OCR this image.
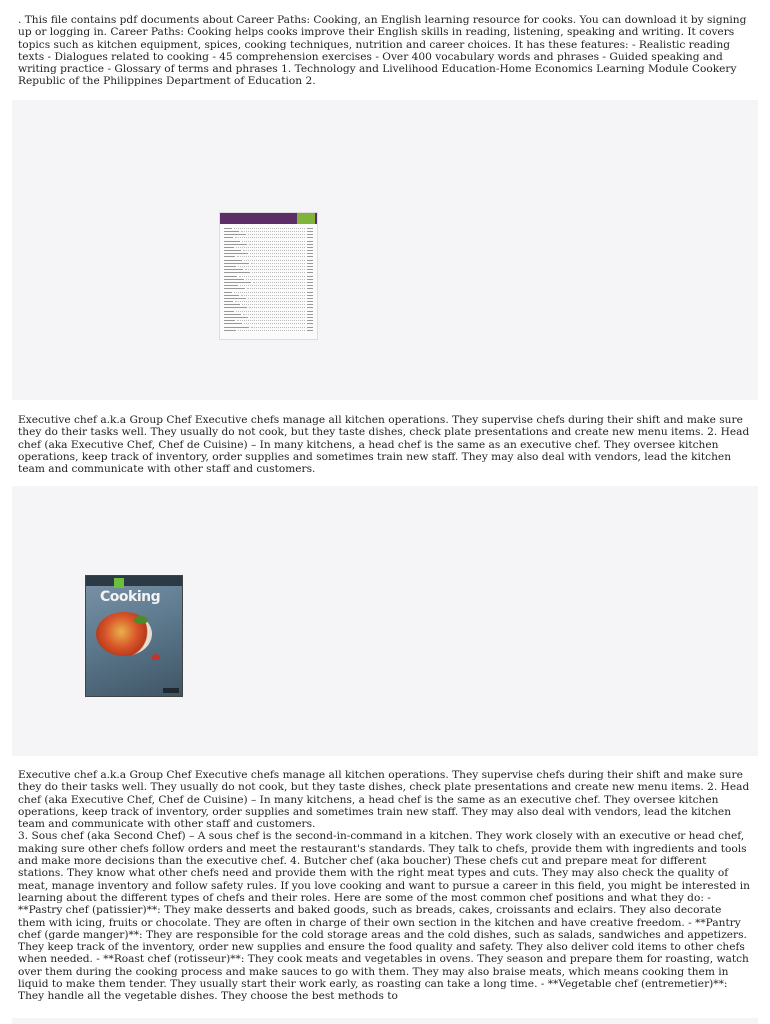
. This file contains pdf documents about Career Paths: Cooking, an English learning resource for cooks. You can download it by signing up or logging in. Career Paths: Cooking helps cooks improve their English skills in reading, listening, speaking and writing. It covers topics such as kitchen equipment, spices, cooking techniques, nutrition and career choices. It has these features: - Realistic reading texts - Dialogues related to cooking - 45 comprehension exercises - Over 400 vocabulary words and phrases - Guided speaking and writing practice - Glossary of terms and phrases 1. Technology and Livelihood Education-Home Economics Learning Module Cookery Republic of the Philippines Department of Education 2.

Executive chef a.k.a Group Chef Executive chefs manage all kitchen operations. They supervise chefs during their shift and make sure they do their tasks well. They usually do not cook, but they taste dishes, check plate presentations and create new menu items. 2. Head chef (aka Executive Chef, Chef de Cuisine) – In many kitchens, a head chef is the same as an executive chef. They oversee kitchen operations, keep track of inventory, order supplies and sometimes train new staff. They may also deal with vendors, lead the kitchen team and communicate with other staff and customers.

Cooking

Executive chef a.k.a Group Chef Executive chefs manage all kitchen operations. They supervise chefs during their shift and make sure they do their tasks well. They usually do not cook, but they taste dishes, check plate presentations and create new menu items. 2. Head chef (aka Executive Chef, Chef de Cuisine) – In many kitchens, a head chef is the same as an executive chef. They oversee kitchen operations, keep track of inventory, order supplies and sometimes train new staff. They may also deal with vendors, lead the kitchen team and communicate with other staff and customers.
3. Sous chef (aka Second Chef) – A sous chef is the second-in-command in a kitchen. They work closely with an executive or head chef, making sure other chefs follow orders and meet the restaurant's standards. They talk to chefs, provide them with ingredients and tools and make more decisions than the executive chef. 4. Butcher chef (aka boucher) These chefs cut and prepare meat for different stations. They know what other chefs need and provide them with the right meat types and cuts. They may also check the quality of meat, manage inventory and follow safety rules. If you love cooking and want to pursue a career in this field, you might be interested in learning about the different types of chefs and their roles. Here are some of the most common chef positions and what they do: - **Pastry chef (patissier)**: They make desserts and baked goods, such as breads, cakes, croissants and eclairs. They also decorate them with icing, fruits or chocolate. They are often in charge of their own section in the kitchen and have creative freedom. - **Pantry chef (garde manger)**: They are responsible for the cold storage areas and the cold dishes, such as salads, sandwiches and appetizers. They keep track of the inventory, order new supplies and ensure the food quality and safety. They also deliver cold items to other chefs when needed. - **Roast chef (rotisseur)**: They cook meats and vegetables in ovens. They season and prepare them for roasting, watch over them during the cooking process and make sauces to go with them. They may also braise meats, which means cooking them in liquid to make them tender. They usually start their work early, as roasting can take a long time. - **Vegetable chef (entremetier)**: They handle all the vegetable dishes. They choose the best methods to
